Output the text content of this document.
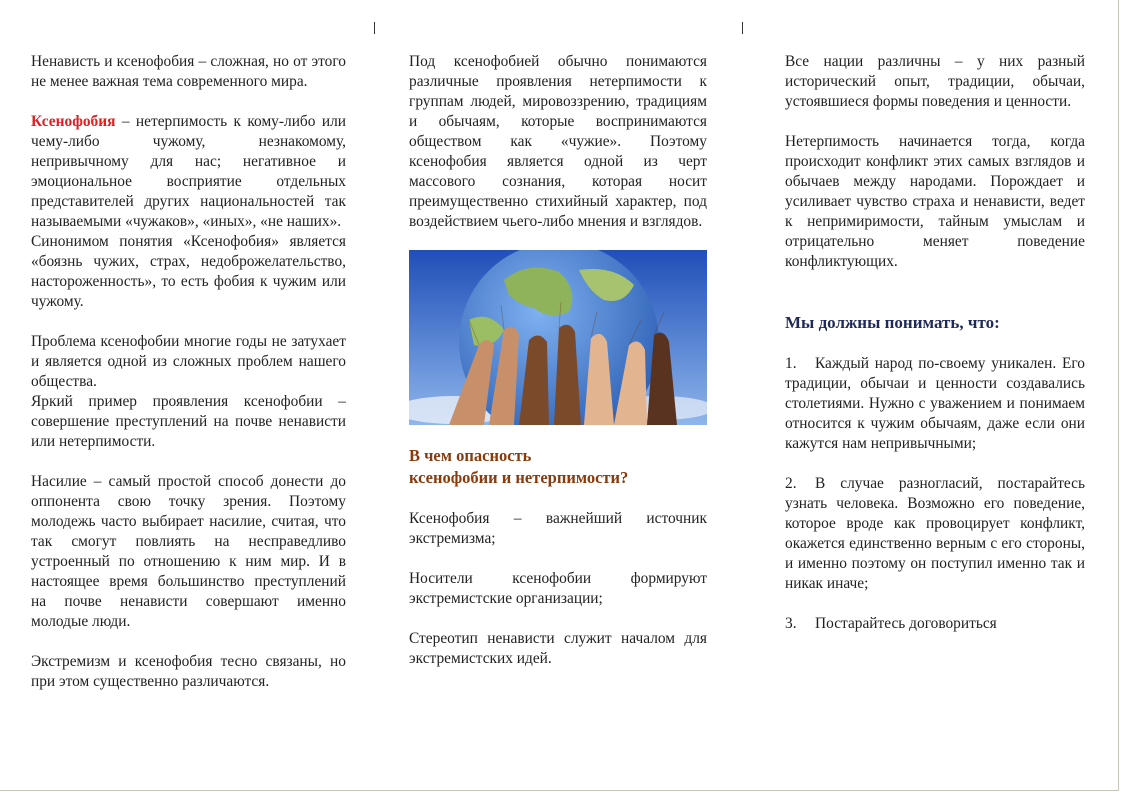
Ненависть и ксенофобия – сложная, но от этого не менее важная тема современного мира.

Ксенофобия – нетерпимость к кому-либо или чему-либо чужому, незнакомому, непривычному для нас; негативное и эмоциональное восприятие отдельных представителей других национальностей так называемыми «чужаков», «иных», «не наших».

Синонимом понятия «Ксенофобия» является «боязнь чужих, страх, недоброжелательство, настороженность», то есть фобия к чужим или чужому.

Проблема ксенофобии многие годы не затухает и является одной из сложных проблем нашего общества.

Яркий пример проявления ксенофобии – совершение преступлений на почве ненависти или нетерпимости.

Насилие – самый простой способ донести до оппонента свою точку зрения. Поэтому молодежь часто выбирает насилие, считая, что так смогут повлиять на несправедливо устроенный по отношению к ним мир. И в настоящее время большинство преступлений на почве ненависти совершают именно молодые люди.

Экстремизм и ксенофобия тесно связаны, но при этом существенно различаются.

Под ксенофобией обычно понимаются различные проявления нетерпимости к группам людей, мировоззрению, традициям и обычаям, которые воспринимаются обществом как «чужие». Поэтому ксенофобия является одной из черт массового сознания, которая носит преимущественно стихийный характер, под воздействием чьего-либо мнения и взглядов.

В чем опасность

ксенофобии и нетерпимости?

Ксенофобия – важнейший источник экстремизма;

Носители ксенофобии формируют экстремистские организации;

Стереотип ненависти служит началом для экстремистских идей.

Все нации различны – у них разный исторический опыт, традиции, обычаи, устоявшиеся формы поведения и ценности.

Нетерпимость начинается тогда, когда происходит конфликт этих самых взглядов и обычаев между народами. Порождает и усиливает чувство страха и ненависти, ведет к непримиримости, тайным умыслам и отрицательно меняет поведение конфликтующих.

Мы должны понимать, что:

1. Каждый народ по-своему уникален. Его традиции, обычаи и ценности создавались столетиями. Нужно с уважением и понимаем относится к чужим обычаям, даже если они кажутся нам непривычными;
2. В случае разногласий, постарайтесь узнать человека. Возможно его поведение, которое вроде как провоцирует конфликт, окажется единственно верным с его стороны, и именно поэтому он поступил именно так и никак иначе;
3. Постарайтесь договориться
